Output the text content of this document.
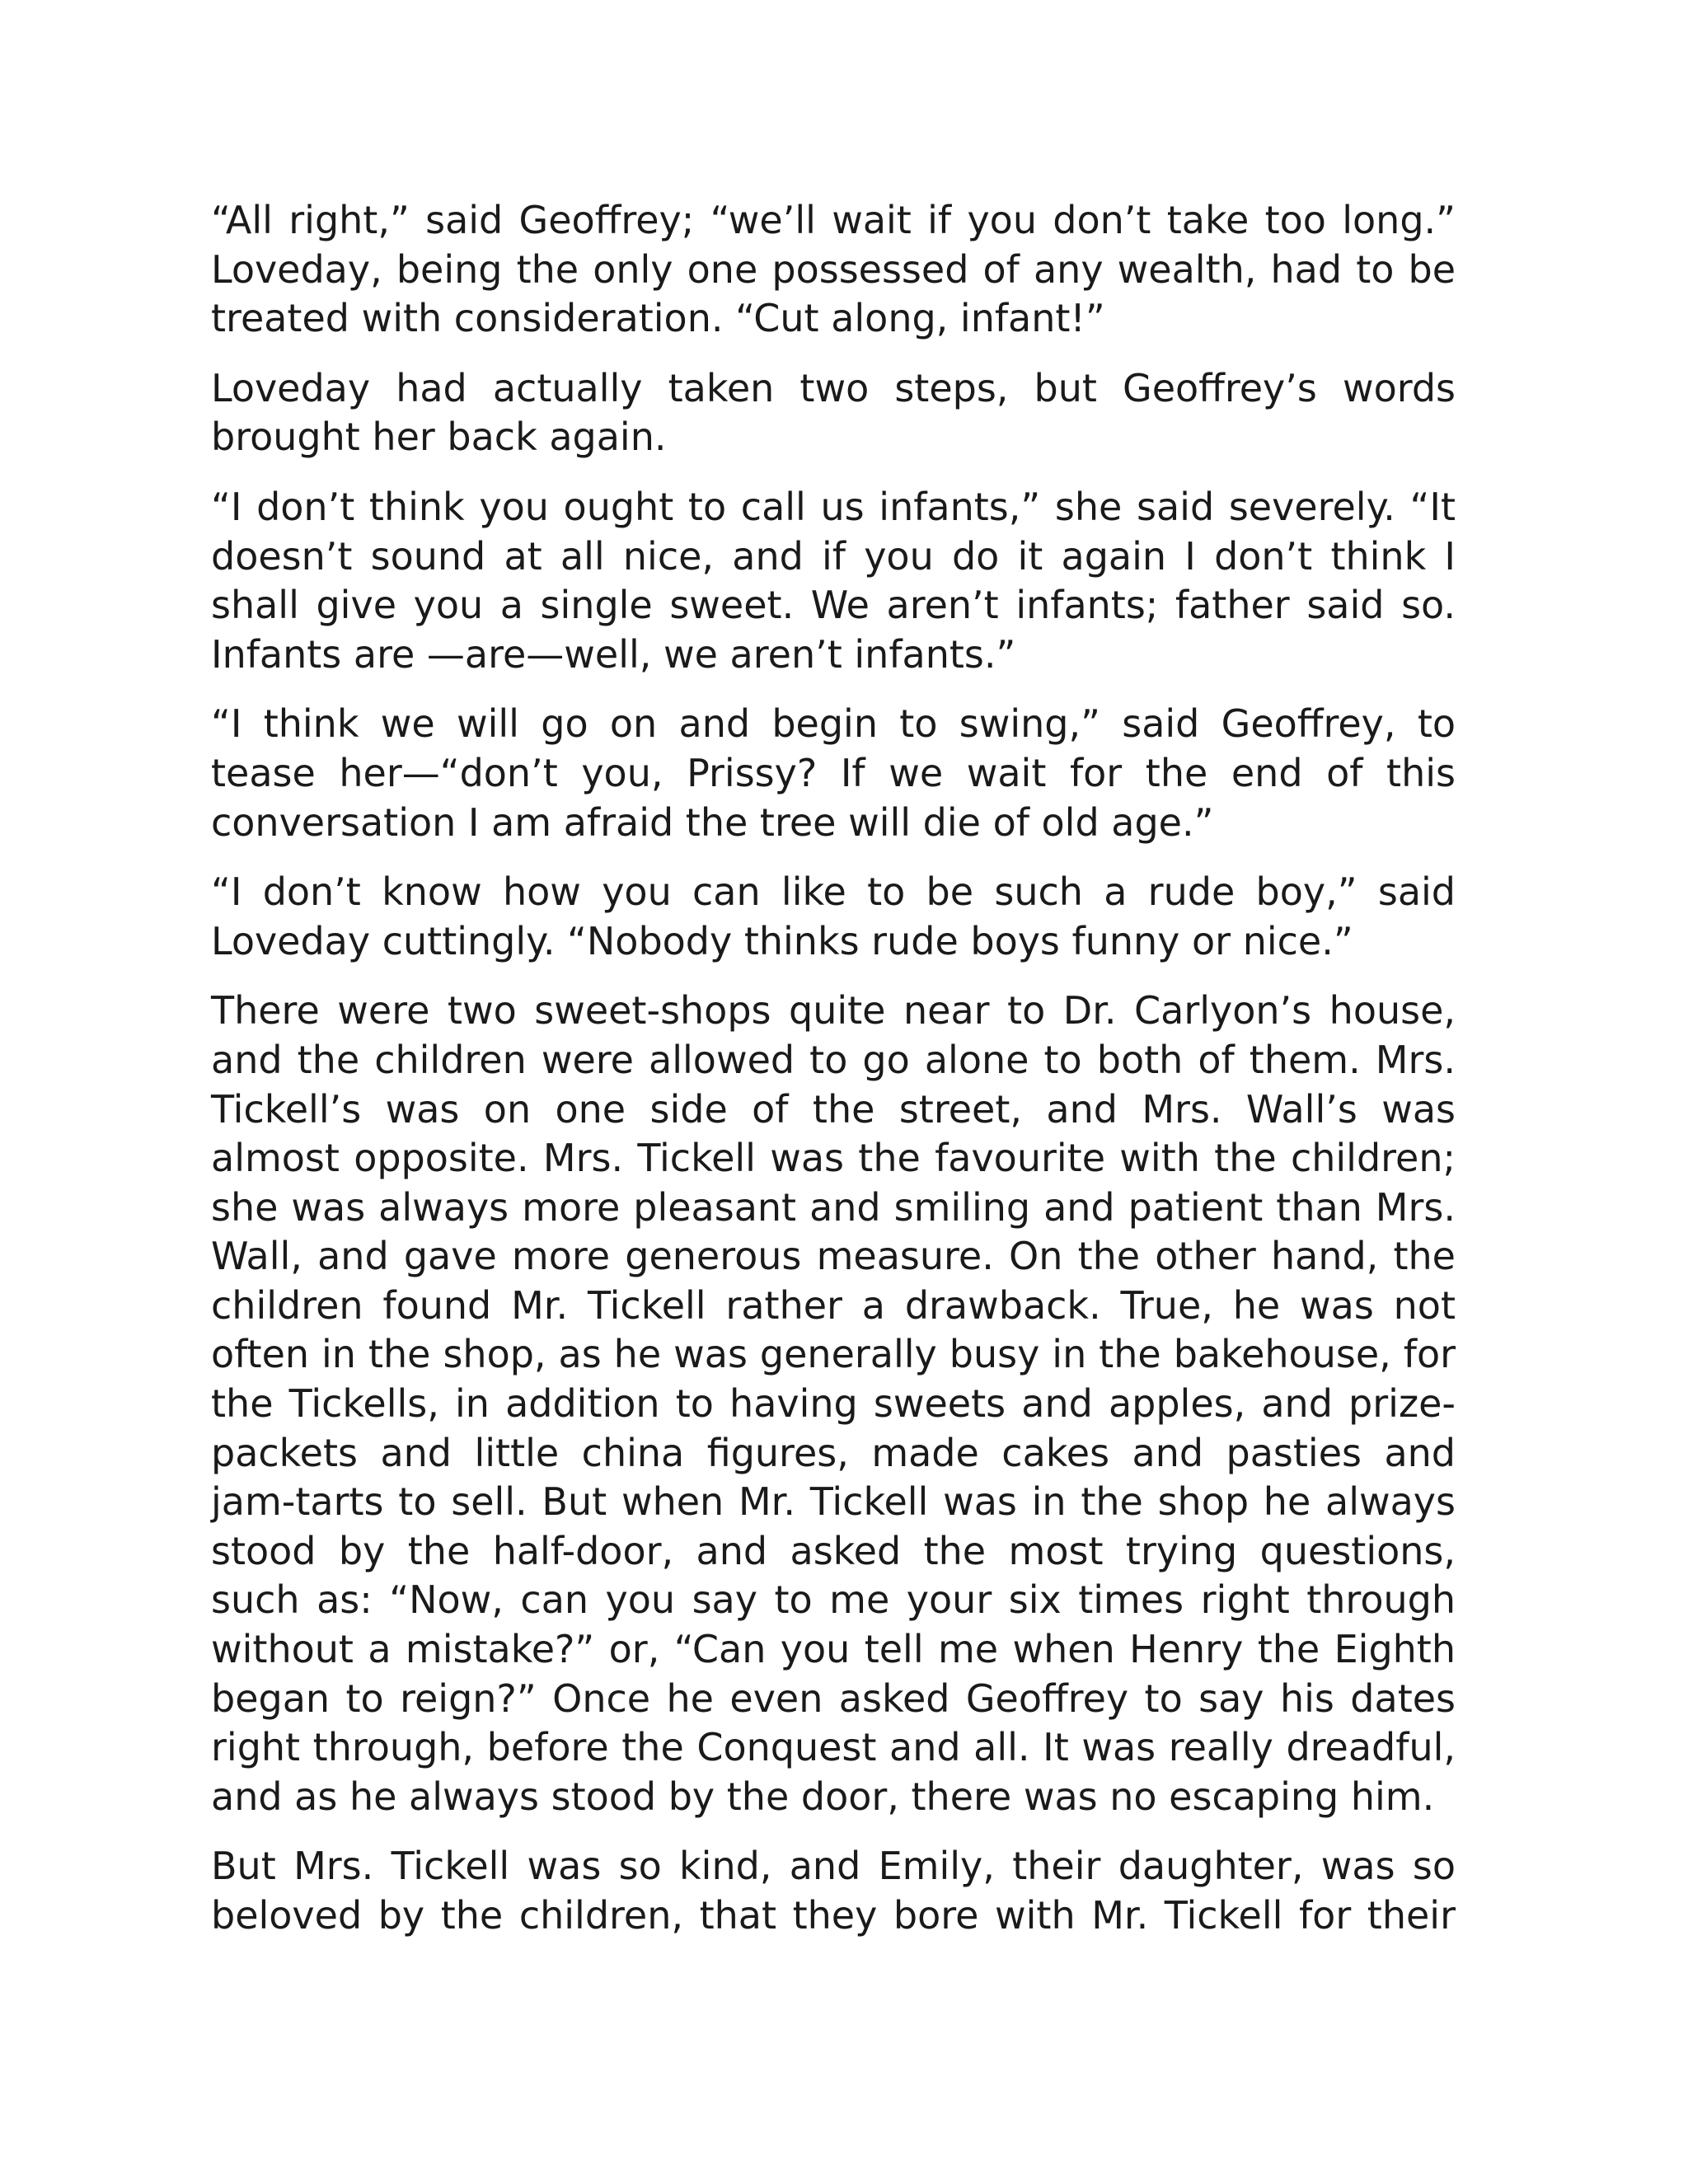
“All right,” said Geoffrey; “we’ll wait if you don’t take too long.” Loveday, being the only one possessed of any wealth, had to be treated with consideration. “Cut along, infant!”

Loveday had actually taken two steps, but Geoffrey’s words brought her back again.

“I don’t think you ought to call us infants,” she said severely. “It doesn’t sound at all nice, and if you do it again I don’t think I shall give you a single sweet. We aren’t infants; father said so. Infants are —are—well, we aren’t infants.”

“I think we will go on and begin to swing,” said Geoffrey, to tease her—“don’t you, Prissy? If we wait for the end of this conversation I am afraid the tree will die of old age.”

“I don’t know how you can like to be such a rude boy,” said Loveday cuttingly. “Nobody thinks rude boys funny or nice.”

There were two sweet-shops quite near to Dr. Carlyon’s house, and the children were allowed to go alone to both of them. Mrs. Tickell’s was on one side of the street, and Mrs. Wall’s was almost opposite. Mrs. Tickell was the favourite with the children; she was always more pleasant and smiling and patient than Mrs. Wall, and gave more generous measure. On the other hand, the children found Mr. Tickell rather a drawback. True, he was not often in the shop, as he was generally busy in the bakehouse, for the Tickells, in addition to having sweets and apples, and prize-packets and little china figures, made cakes and pasties and jam-tarts to sell. But when Mr. Tickell was in the shop he always stood by the half-door, and asked the most trying questions, such as: “Now, can you say to me your six times right through without a mistake?” or, “Can you tell me when Henry the Eighth began to reign?” Once he even asked Geoffrey to say his dates right through, before the Conquest and all. It was really dreadful, and as he always stood by the door, there was no escaping him.

But Mrs. Tickell was so kind, and Emily, their daughter, was so beloved by the children, that they bore with Mr. Tickell for their
